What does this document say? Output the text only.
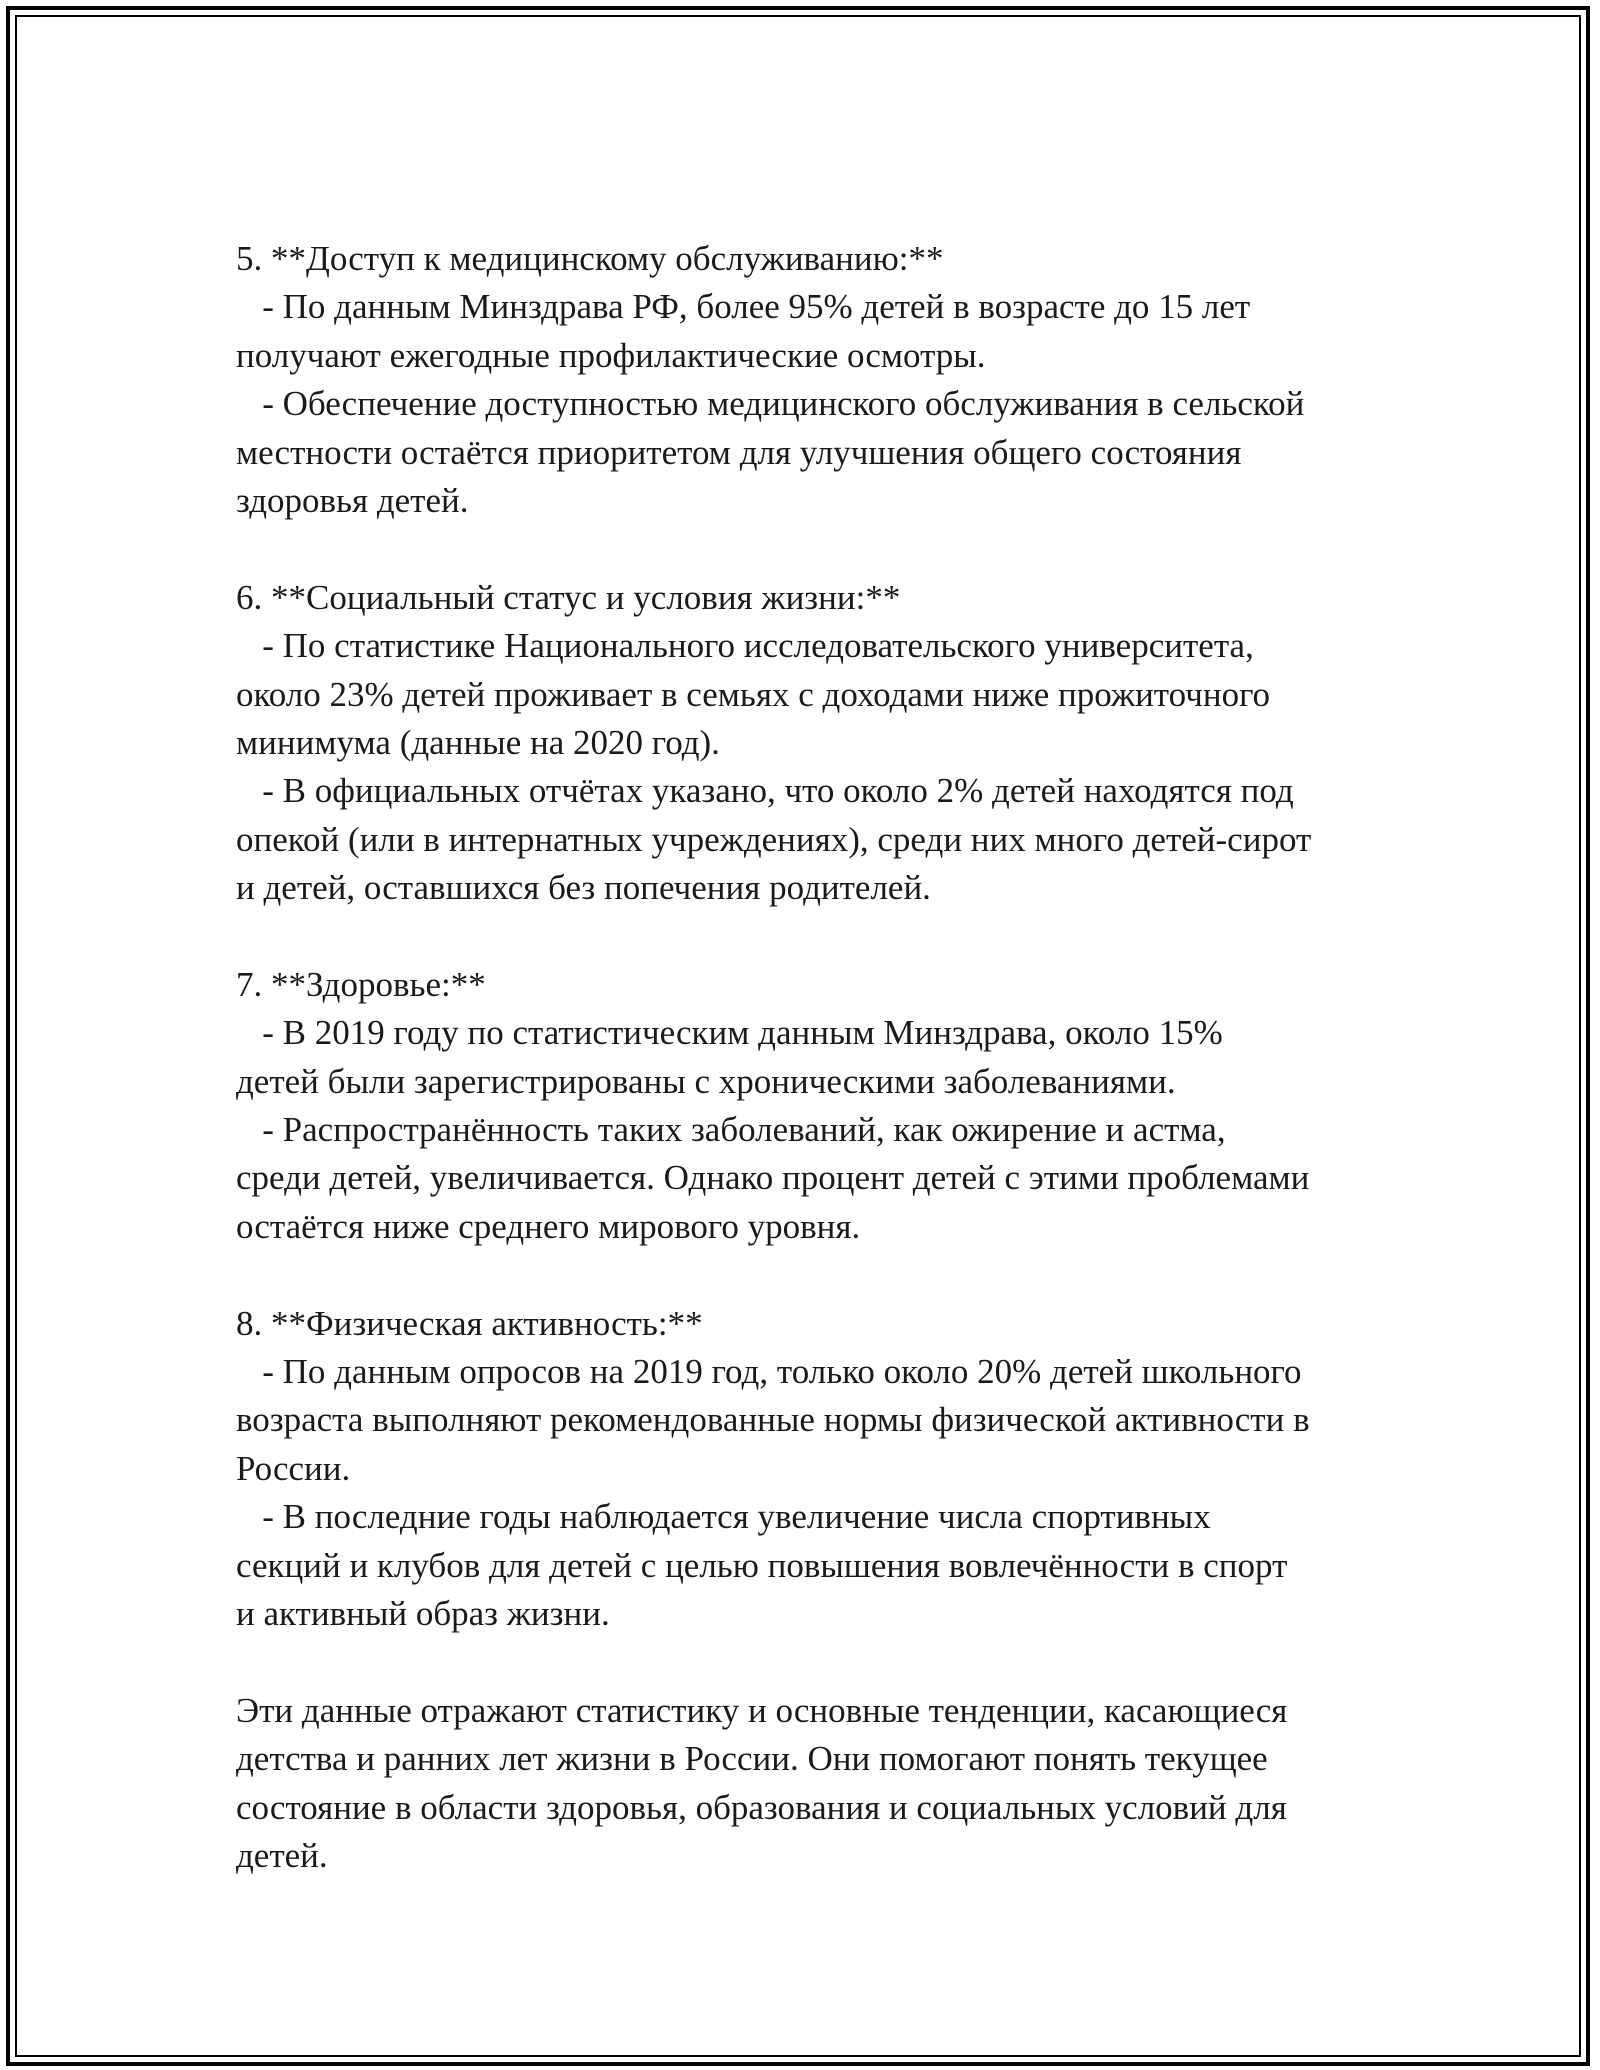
5. **Доступ к медицинскому обслуживанию:**
- По данным Минздрава РФ, более 95% детей в возрасте до 15 лет
получают ежегодные профилактические осмотры.
- Обеспечение доступностью медицинского обслуживания в сельской
местности остаётся приоритетом для улучшения общего состояния
здоровья детей.
6. **Социальный статус и условия жизни:**
- По статистике Национального исследовательского университета,
около 23% детей проживает в семьях с доходами ниже прожиточного
минимума (данные на 2020 год).
- В официальных отчётах указано, что около 2% детей находятся под
опекой (или в интернатных учреждениях), среди них много детей-сирот
и детей, оставшихся без попечения родителей.
7. **Здоровье:**
- В 2019 году по статистическим данным Минздрава, около 15%
детей были зарегистрированы с хроническими заболеваниями.
- Распространённость таких заболеваний, как ожирение и астма,
среди детей, увеличивается. Однако процент детей с этими проблемами
остаётся ниже среднего мирового уровня.
8. **Физическая активность:**
- По данным опросов на 2019 год, только около 20% детей школьного
возраста выполняют рекомендованные нормы физической активности в
России.
- В последние годы наблюдается увеличение числа спортивных
секций и клубов для детей с целью повышения вовлечённости в спорт
и активный образ жизни.
Эти данные отражают статистику и основные тенденции, касающиеся
детства и ранних лет жизни в России. Они помогают понять текущее
состояние в области здоровья, образования и социальных условий для
детей.
